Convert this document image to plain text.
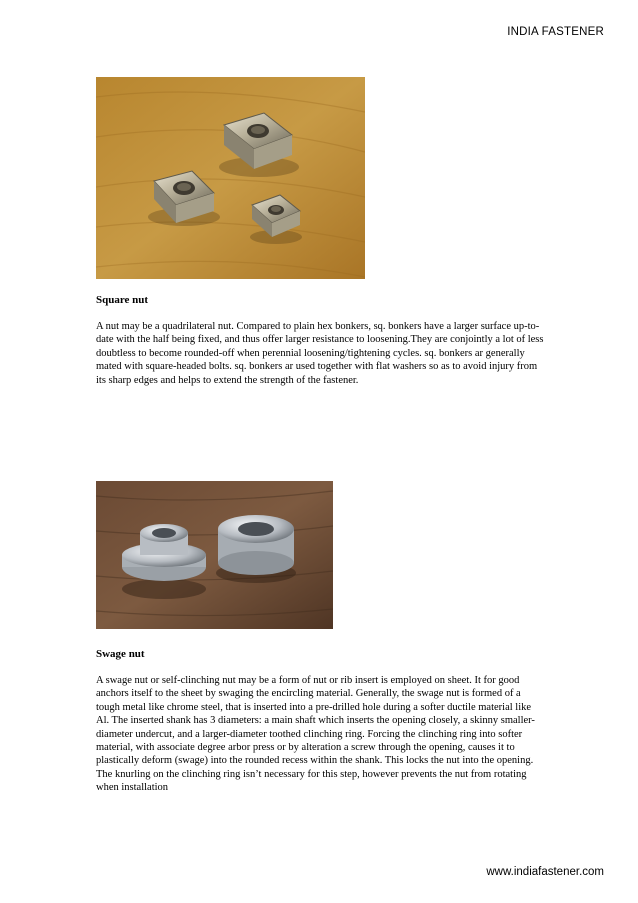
INDIA FASTENER
Square nut

A nut may be a quadrilateral nut. Compared to plain hex bonkers, sq. bonkers have a larger surface up-to-date with the half being fixed, and thus offer larger resistance to loosening.They are conjointly a lot of less doubtless to become rounded-off when perennial loosening/tightening cycles. sq. bonkers ar generally mated with square-headed bolts. sq. bonkers ar used together with flat washers so as to avoid injury from its sharp edges and helps to extend the strength of the fastener.

Swage nut

A swage nut or self-clinching nut may be a form of nut or rib insert is employed on sheet. It for good anchors itself to the sheet by swaging the encircling material. Generally, the swage nut is formed of a tough metal like chrome steel, that is inserted into a pre-drilled hole during a softer ductile material like Al. The inserted shank has 3 diameters: a main shaft which inserts the opening closely, a skinny smaller-diameter undercut, and a larger-diameter toothed clinching ring. Forcing the clinching ring into softer material, with associate degree arbor press or by alteration a screw through the opening, causes it to plastically deform (swage) into the rounded recess within the shank. This locks the nut into the opening. The knurling on the clinching ring isn’t necessary for this step, however prevents the nut from rotating when installation

www.indiafastener.com
